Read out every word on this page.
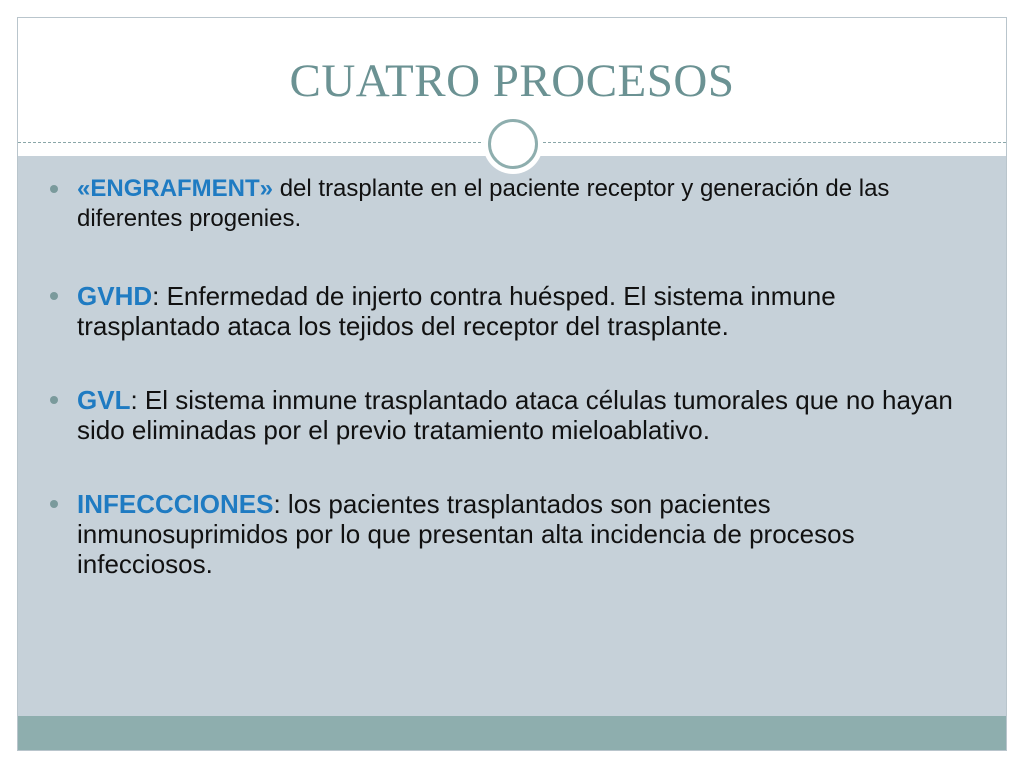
CUATRO PROCESOS
«ENGRAFMENT» del trasplante en el paciente receptor y generación de las diferentes progenies.
GVHD: Enfermedad de injerto contra huésped. El sistema inmune trasplantado ataca los tejidos del receptor del trasplante.
GVL: El sistema inmune trasplantado ataca células tumorales que no hayan sido eliminadas por el previo tratamiento mieloablativo.
INFECCCIONES: los pacientes trasplantados son pacientes inmunosuprimidos por lo que presentan alta incidencia de procesos infecciosos.
